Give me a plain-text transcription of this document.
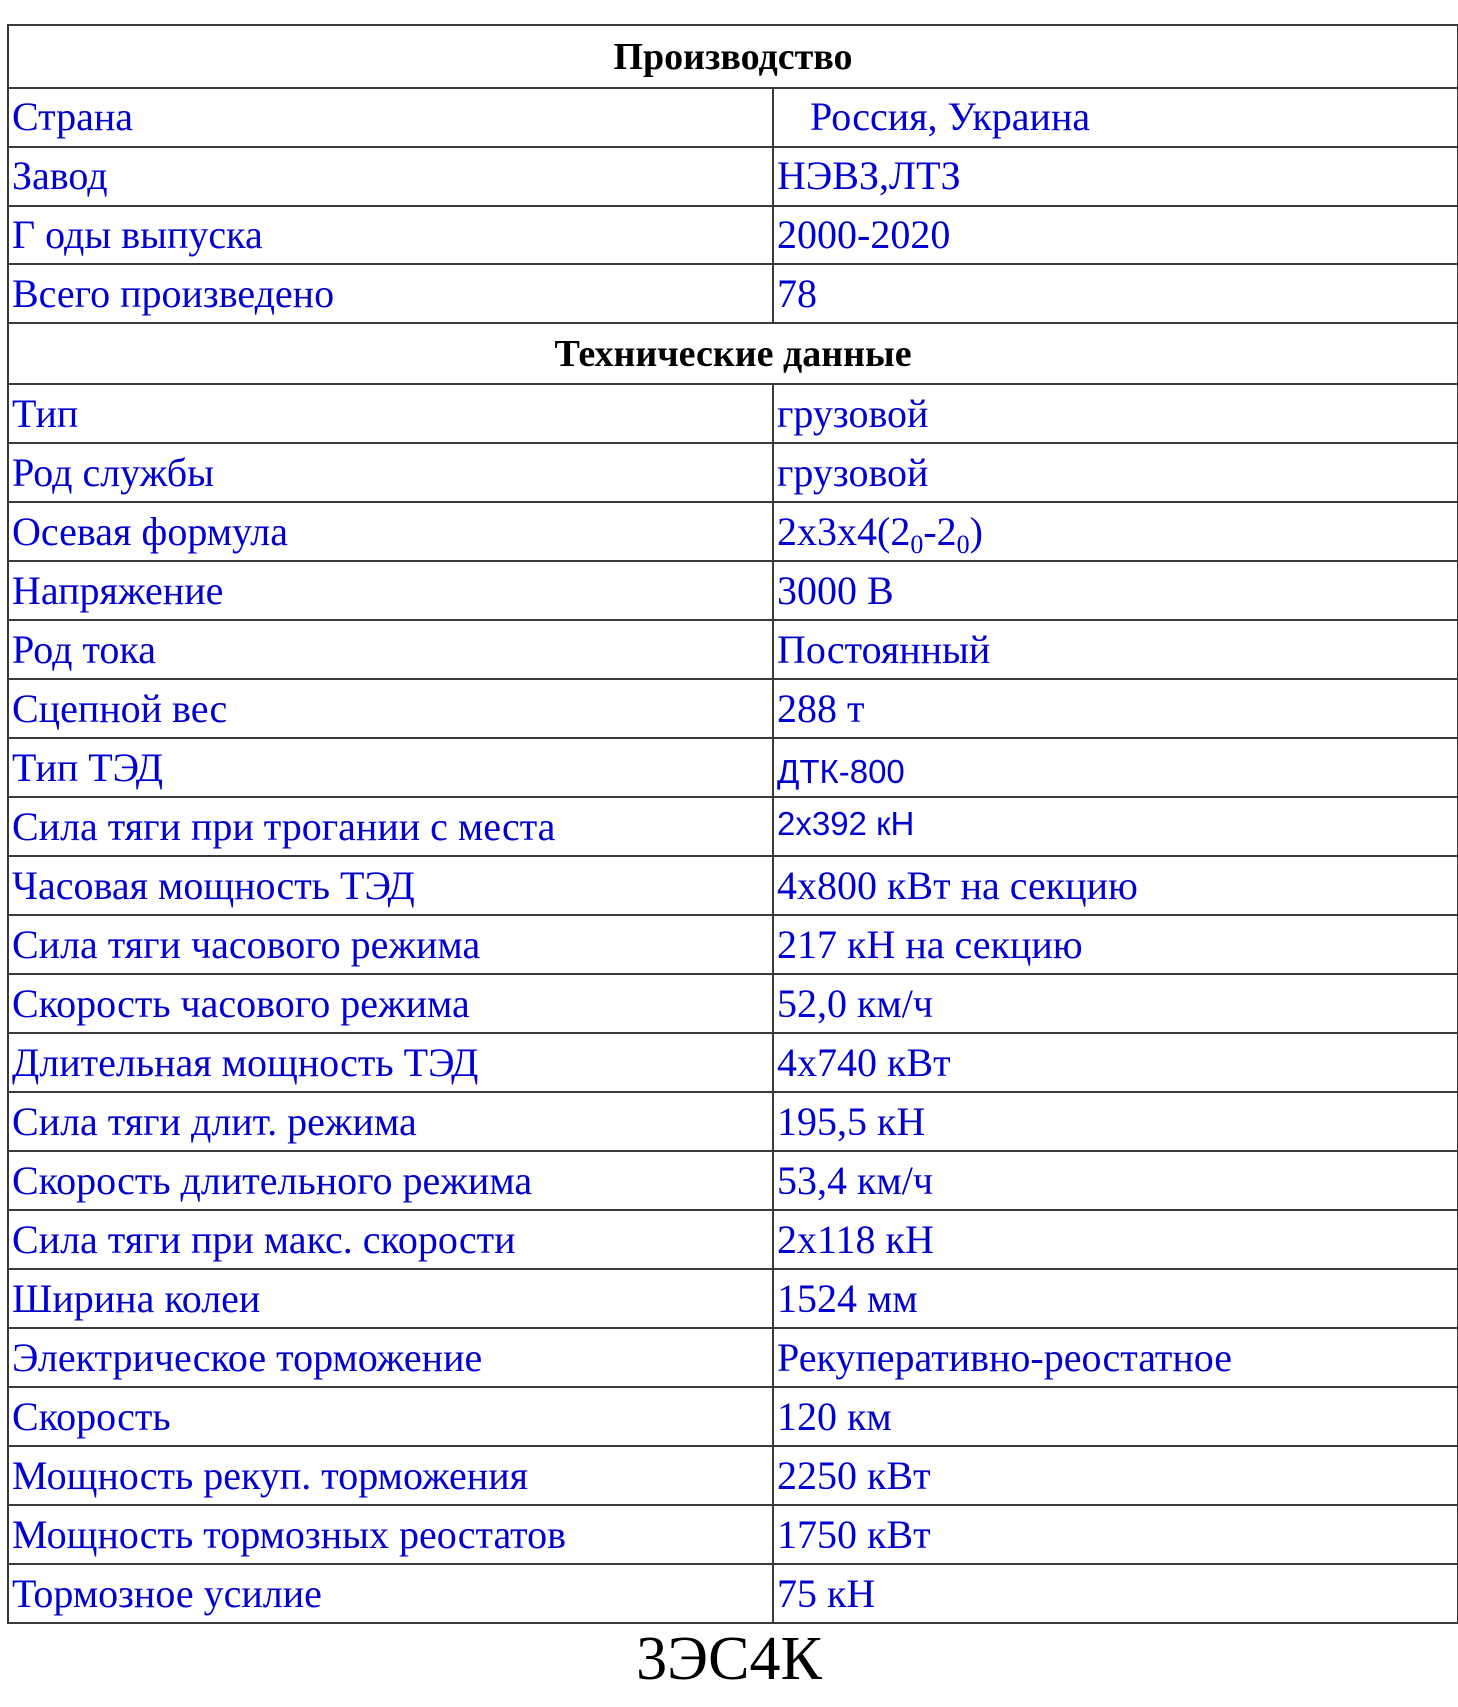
Производство	
Страна	Россия, Украина
Завод	НЭВЗ,ЛТЗ
Г оды выпуска	2000-2020
Всего произведено	78
Технические данные	
Тип	грузовой
Род службы	грузовой
Осевая формула	$2x3x4(2_0-2_0)$
Напряжение	3000 В
Род тока	Постоянный
Сцепной вес	288 т
Тип ТЭД	ДТК-800
Сила тяги при трогании с места	2x392 кН
Часовая мощность ТЭД	4x800 кВт на секцию
Сила тяги часового режима	217 кН на секцию
Скорость часового режима	52,0 км/ч
Длительная мощность ТЭД	4x740 кВт
Сила тяги длит. режима	195,5 кН
Скорость длительного режима	53,4 км/ч
Сила тяги при макс. скорости	2x118 кН
Ширина колеи	1524 мм
Электрическое торможение	Рекуперативно-реостатное
Скорость	120 км
Мощность рекуп. торможения	2250 кВт
Мощность тормозных реостатов	1750 кВт
Тормозное усилие	75 кН
3ЭС4К
